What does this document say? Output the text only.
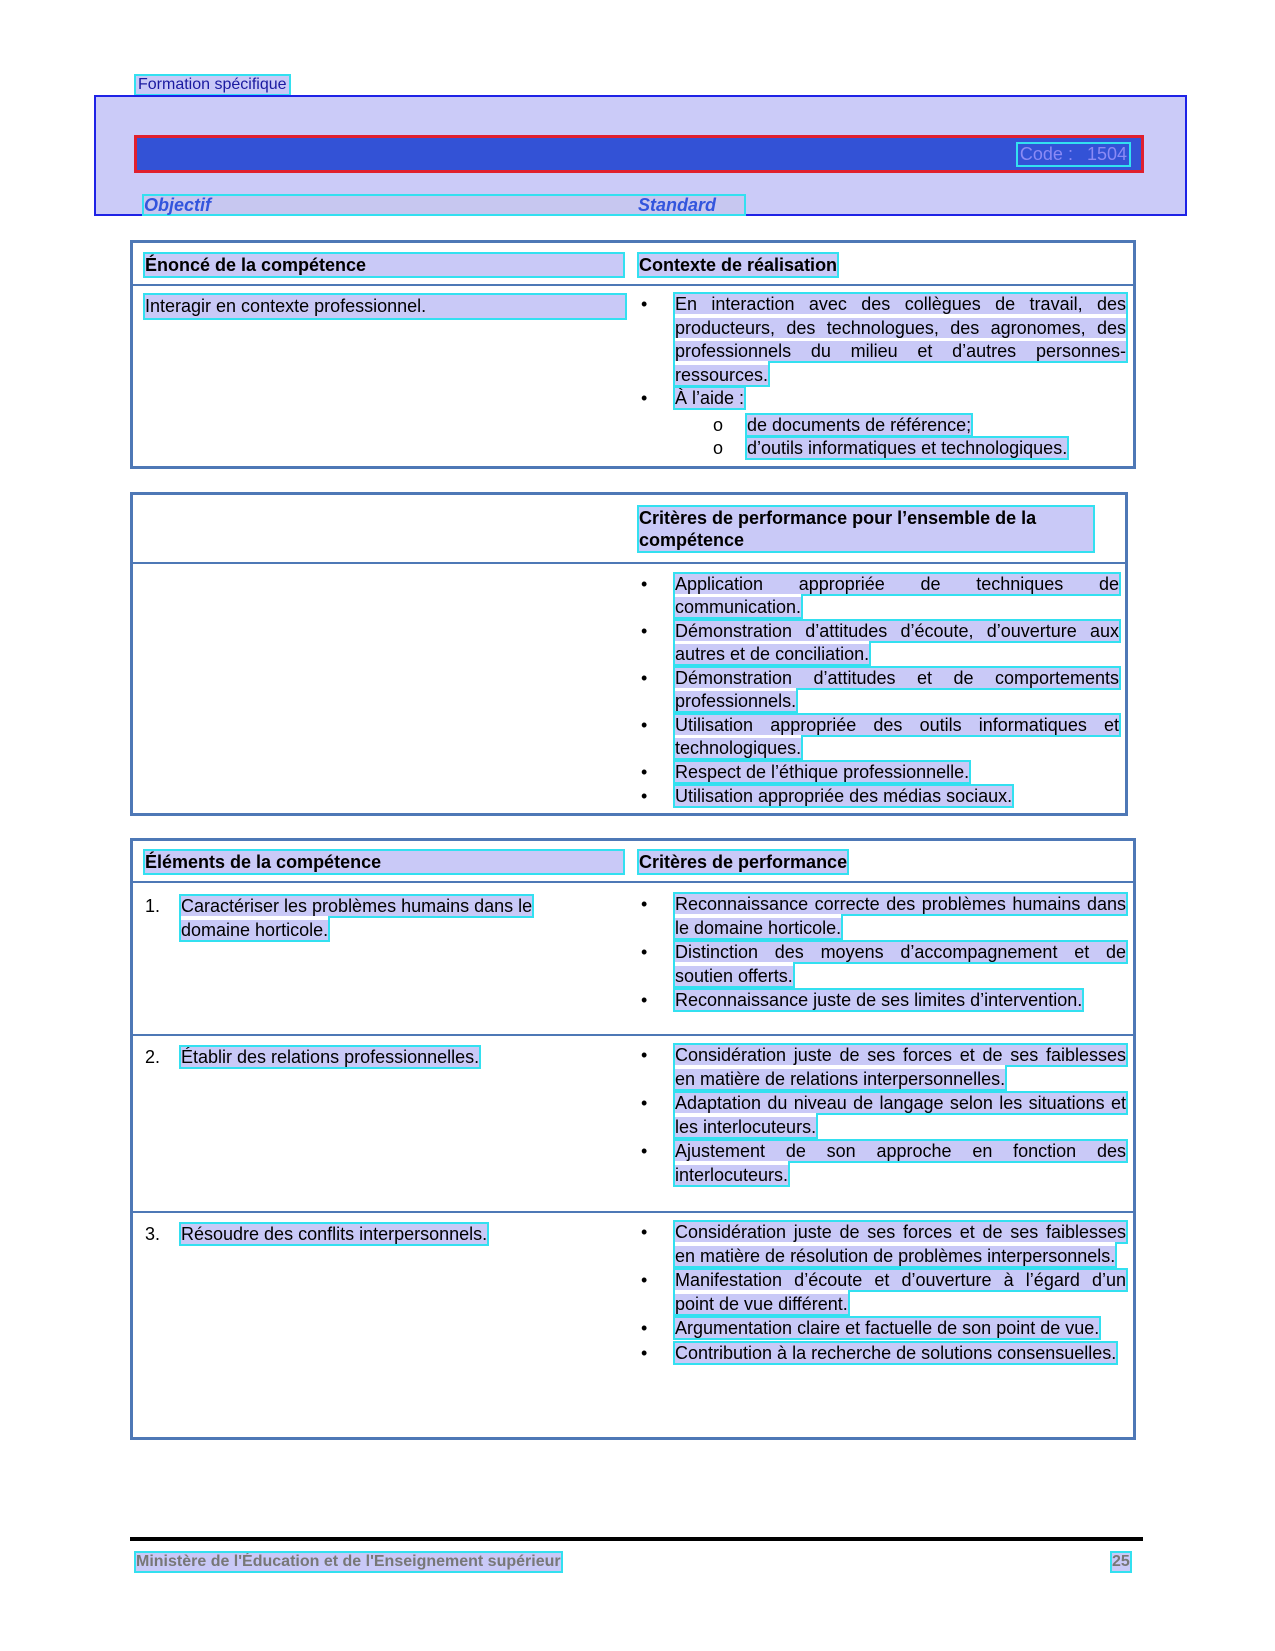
Formation spécifique
Code : 1504
Objectif	Standard
Énoncé de la compétence	Contexte de réalisation
Interagir en contexte professionnel.	•	En interaction avec des collègues de travail, des producteurs, des technologues, des agronomes, des professionnels du milieu et d’autres personnes-ressources.
•	À l’aide :
o de documents de référence;
o d’outils informatiques et technologiques.
Critères de performance pour l’ensemble de la compétence
•	Application appropriée de techniques de communication.
•	Démonstration d’attitudes d’écoute, d’ouverture aux autres et de conciliation.
•	Démonstration d’attitudes et de comportements professionnels.
•	Utilisation appropriée des outils informatiques et technologiques.
•	Respect de l’éthique professionnelle.
•	Utilisation appropriée des médias sociaux.
Éléments de la compétence	Critères de performance
1. Caractériser les problèmes humains dans le domaine horticole.
•	Reconnaissance correcte des problèmes humains dans le domaine horticole.
•	Distinction des moyens d’accompagnement et de soutien offerts.
•	Reconnaissance juste de ses limites d’intervention.
2. Établir des relations professionnelles.	•	Considération juste de ses forces et de ses faiblesses en matière de relations interpersonnelles.
•	Adaptation du niveau de langage selon les situations et les interlocuteurs.
•	Ajustement de son approche en fonction des interlocuteurs.
3. Résoudre des conflits interpersonnels.	•	Considération juste de ses forces et de ses faiblesses en matière de résolution de problèmes interpersonnels.
•	Manifestation d’écoute et d’ouverture à l’égard d’un point de vue différent.
•	Argumentation claire et factuelle de son point de vue.
•	Contribution à la recherche de solutions consensuelles.
Ministère de l'Éducation et de l'Enseignement supérieur	25
